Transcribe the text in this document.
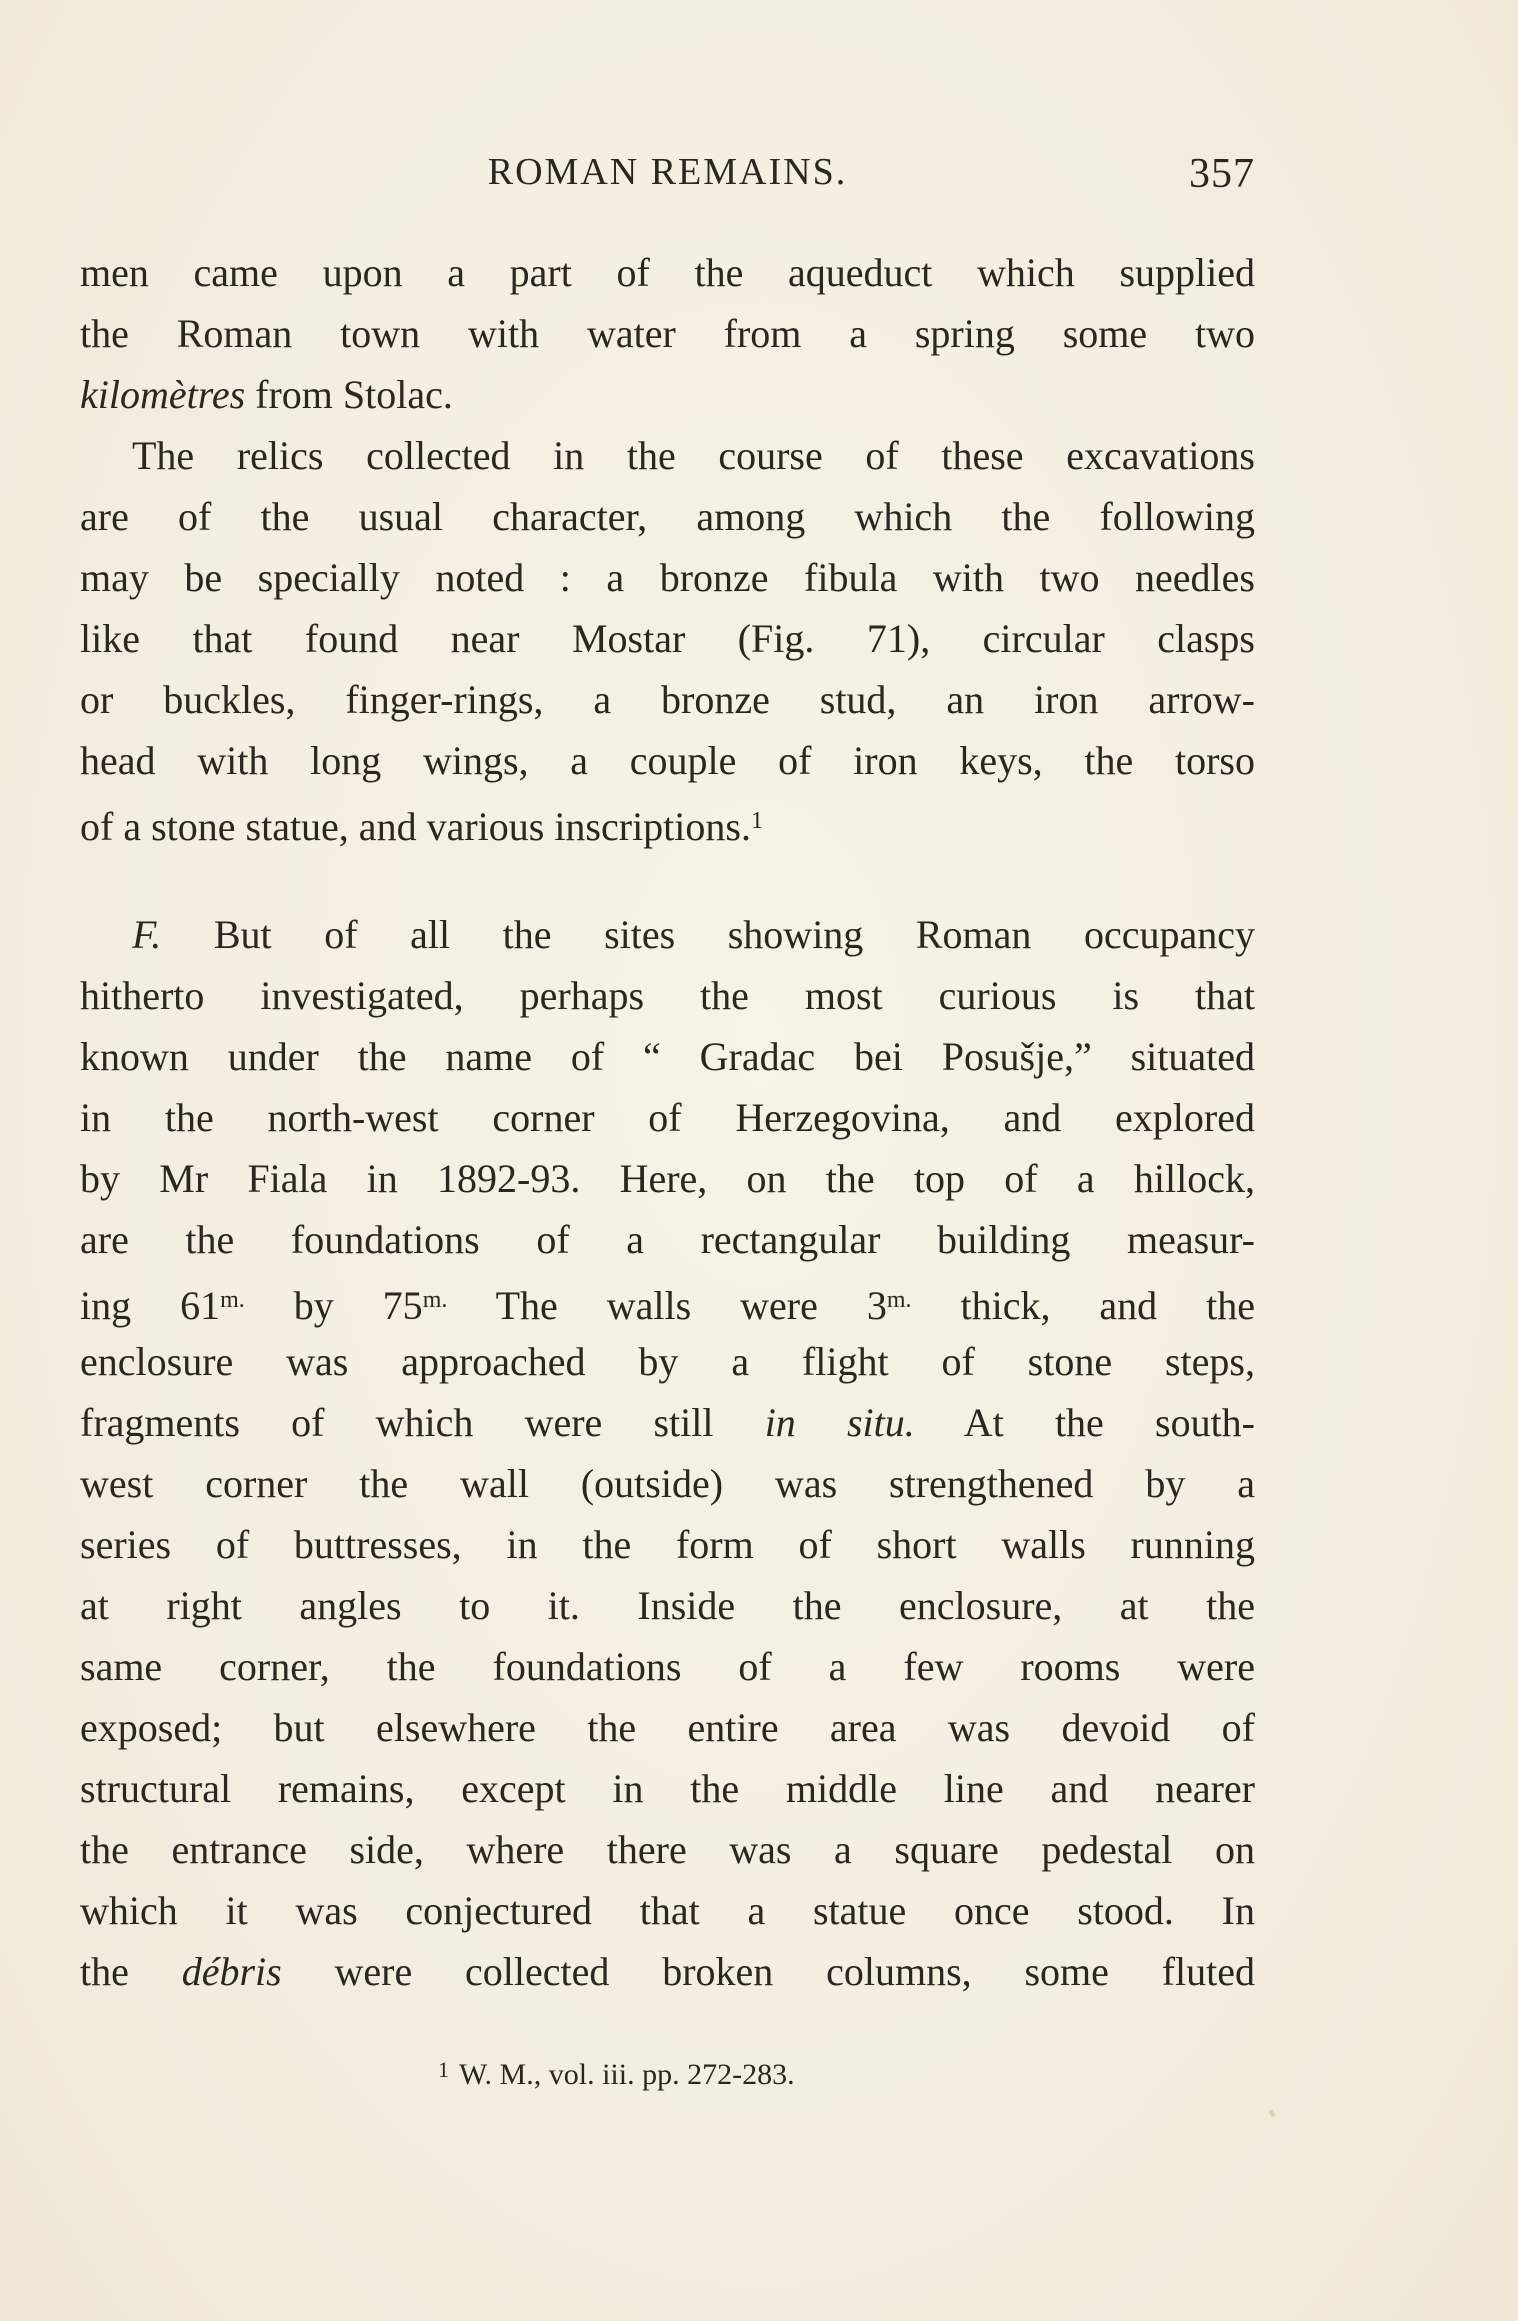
ROMAN REMAINS.	357
men came upon a part of the aqueduct which supplied
the Roman town with water from a spring some two
kilomètres from Stolac.
The relics collected in the course of these excavations
are of the usual character, among which the following
may be specially noted : a bronze fibula with two needles
like that found near Mostar (Fig. 71), circular clasps
or buckles, finger-rings, a bronze stud, an iron arrow-
head with long wings, a couple of iron keys, the torso
of a stone statue, and various inscriptions.$^1$
F. But of all the sites showing Roman occupancy
hitherto investigated, perhaps the most curious is that
known under the name of “ Gradac bei Posušje,” situated
in the north-west corner of Herzegovina, and explored
by Mr Fiala in 1892-93. Here, on the top of a hillock,
are the foundations of a rectangular building measur-
ing $61^{m.}$ by $75^{m.}$ The walls were $3^{m.}$ thick, and the
enclosure was approached by a flight of stone steps,
fragments of which were still in situ. At the south-
west corner the wall (outside) was strengthened by a
series of buttresses, in the form of short walls running
at right angles to it. Inside the enclosure, at the
same corner, the foundations of a few rooms were
exposed; but elsewhere the entire area was devoid of
structural remains, except in the middle line and nearer
the entrance side, where there was a square pedestal on
which it was conjectured that a statue once stood. In
the débris were collected broken columns, some fluted
$^1$ W. M., vol. iii. pp. 272-283.
